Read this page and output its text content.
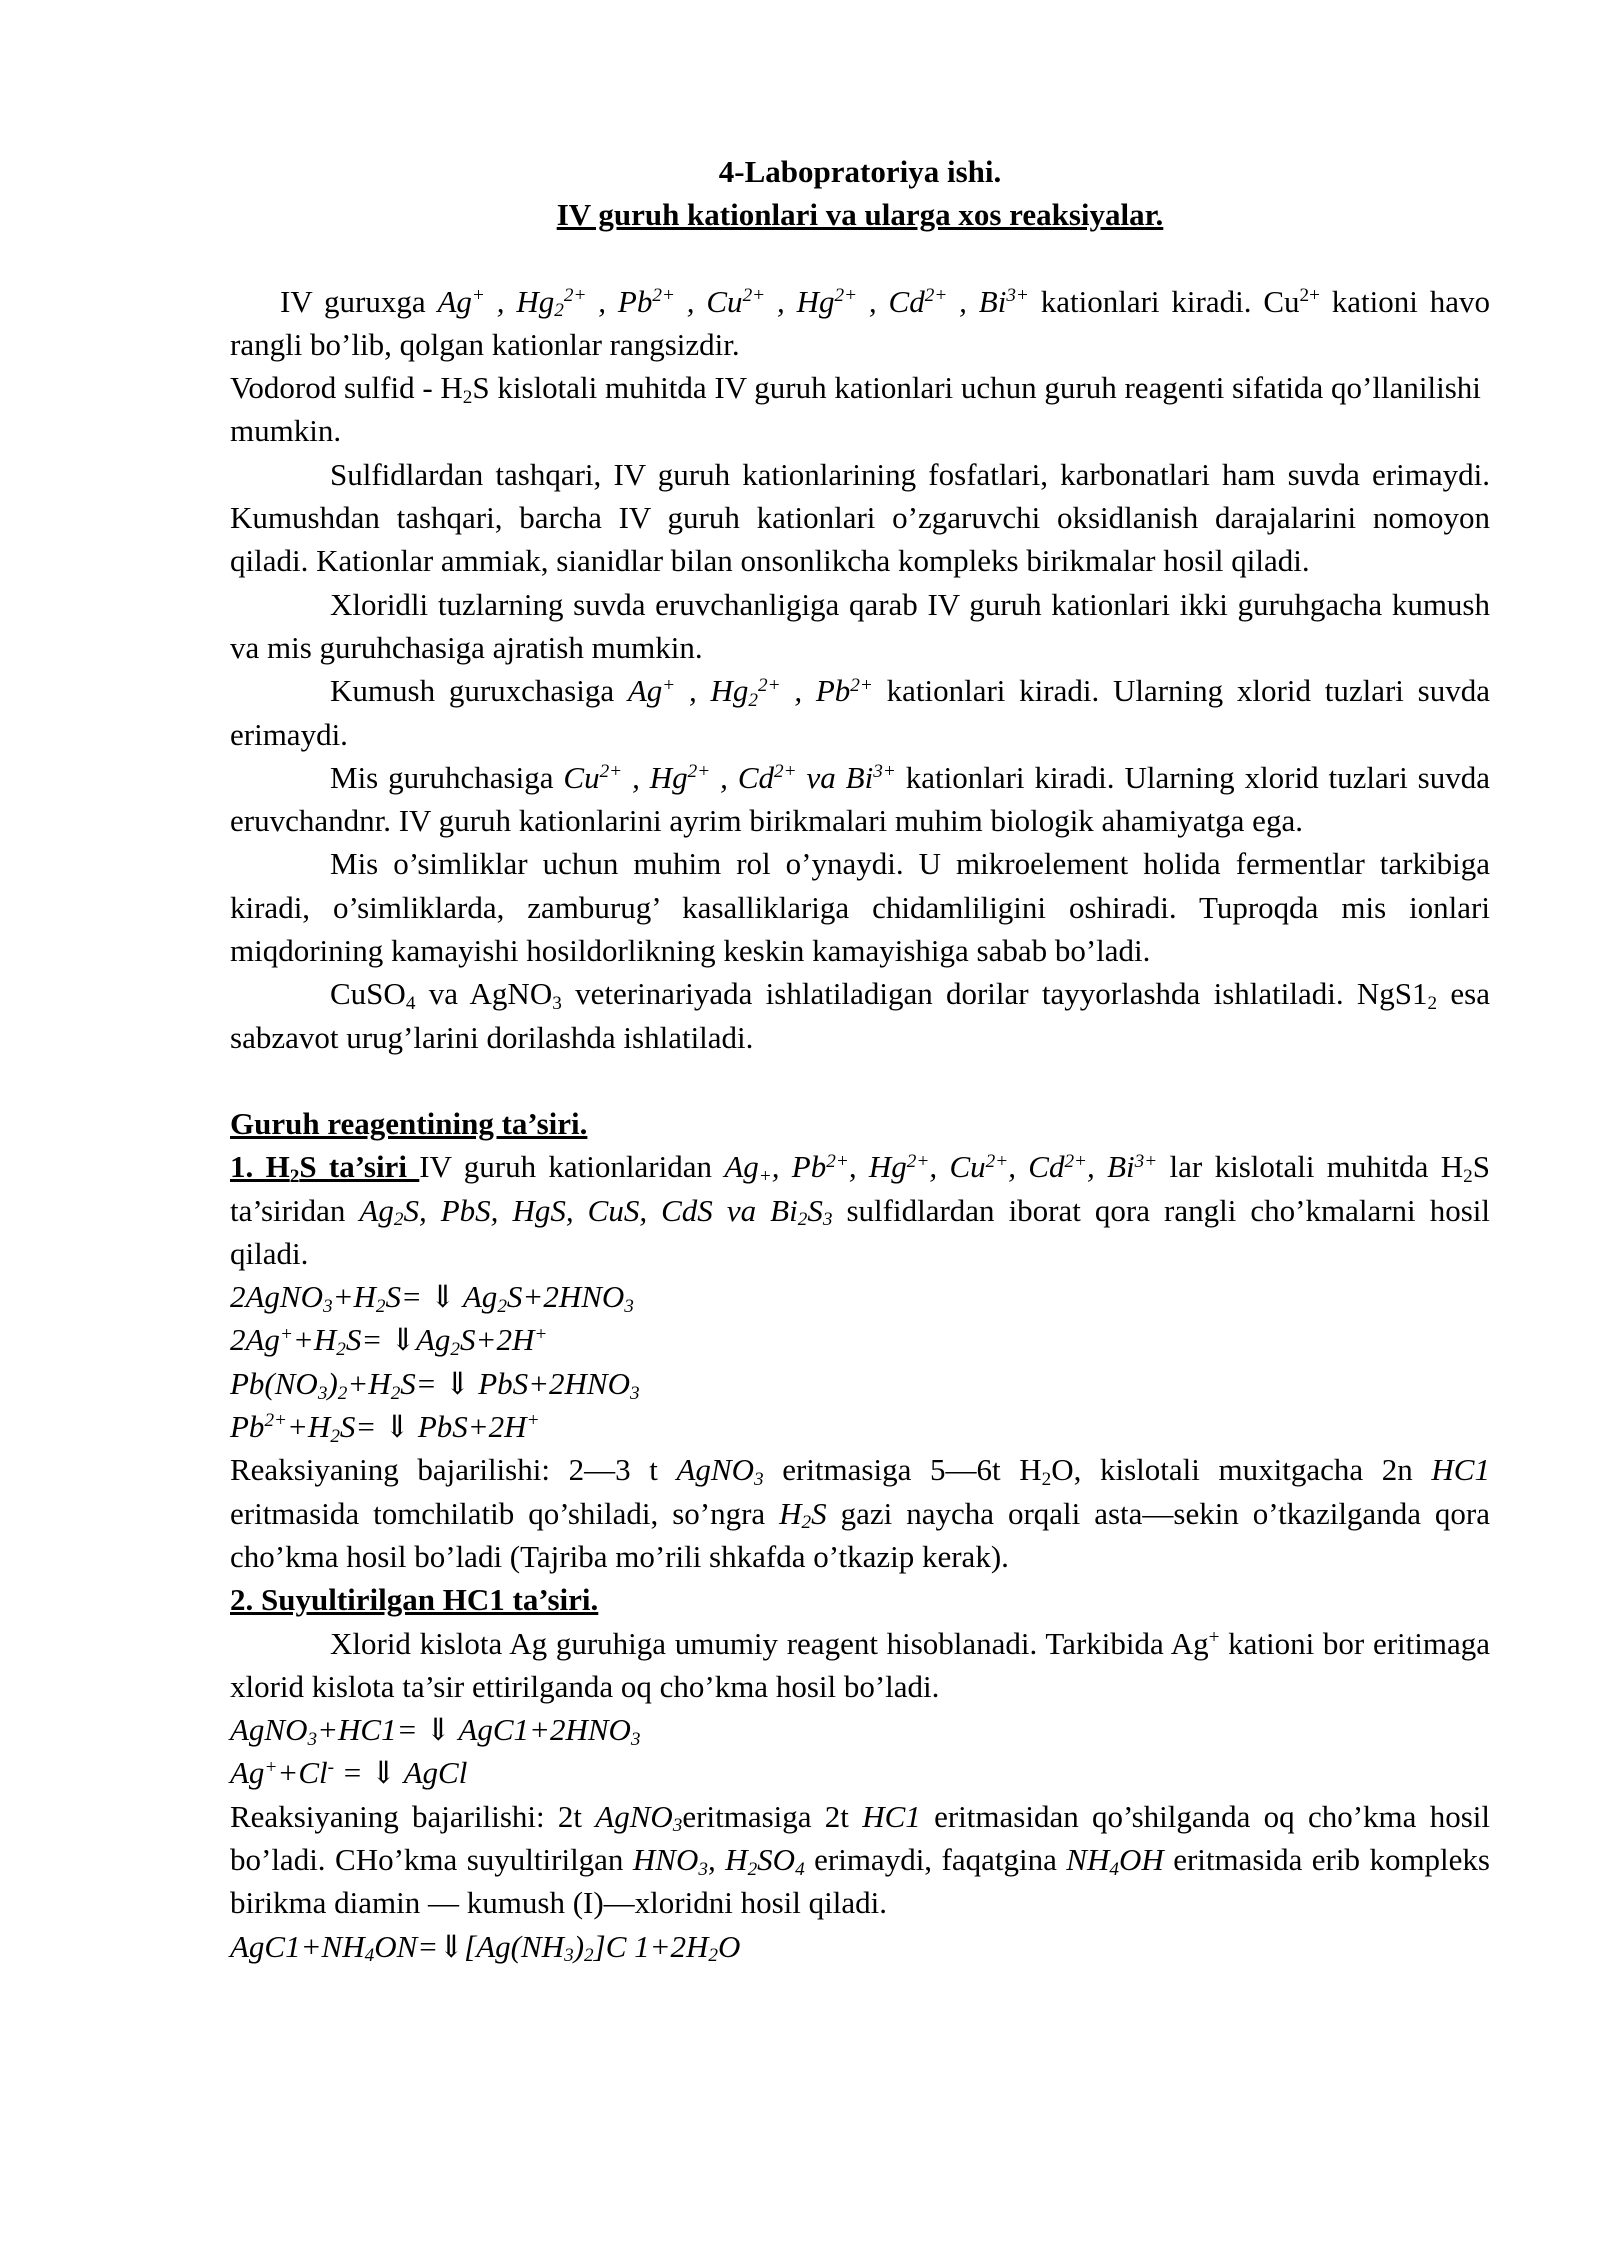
4-Labopratoriya ishi.

IV guruh kationlari va ularga xos reaksiyalar.

IV guruxga Ag+ , $Hg_2^{2+}$ , $Pb^{2+}$ , $Cu^{2+}$ , $Hg^{2+}$ , $Cd^{2+}$ , $Bi^{3+}$ kationlari kiradi. $Cu^{2+}$ kationi havo rangli bo’lib, qolgan kationlar rangsizdir.

Vodorod sulfid - $H_2S$ kislotali muhitda IV guruh kationlari uchun guruh reagenti sifatida qo’llanilishi mumkin.

Sulfidlardan tashqari, IV guruh kationlarining fosfatlari, karbonatlari ham suvda erimaydi. Kumushdan tashqari, barcha IV guruh kationlari o’zgaruvchi oksidlanish darajalarini nomoyon qiladi. Kationlar ammiak, sianidlar bilan onsonlikcha kompleks birikmalar hosil qiladi.

Xloridli tuzlarning suvda eruvchanligiga qarab IV guruh kationlari ikki guruhgacha kumush va mis guruhchasiga ajratish mumkin.

Kumush guruxchasiga Ag+ , $Hg_2^{2+}$ , $Pb^{2+}$ kationlari kiradi. Ularning xlorid tuzlari suvda erimaydi.

Mis guruhchasiga $Cu^{2+}$ , $Hg^{2+}$ , $Cd^{2+}$ va $Bi^{3+}$ kationlari kiradi. Ularning xlorid tuzlari suvda eruvchandnr. IV guruh kationlarini ayrim birikmalari muhim biologik ahamiyatga ega.

Mis o’simliklar uchun muhim rol o’ynaydi. U mikroelement holida fermentlar tarkibiga kiradi, o’simliklarda, zamburug’ kasalliklariga chidamliligini oshiradi. Tuproqda mis ionlari miqdorining kamayishi hosildorlikning keskin kamayishiga sabab bo’ladi.

CuSO$_4$ va AgNO$_3$ veterinariyada ishlatiladigan dorilar tayyorlashda ishlatiladi. $NgS1_2$ esa sabzavot urug’larini dorilashda ishlatiladi.

Guruh reagentining ta’siri.

1. $H_2S$ ta’siri IV guruh kationlaridan $Ag_+$, $Pb^{2+}$, $Hg^{2+}$, $Cu^{2+}$, $Cd^{2+}$, $Bi^{3+}$ lar kislotali muhitda $H_2S$ ta’siridan $Ag_2S$, PbS, HgS, CuS, CdS va $Bi_2S_3$ sulfidlardan iborat qora rangli cho’kmalarni hosil qiladi.

$2AgNO_3+H_2S=$ ⇓ $Ag_2S+2HNO_3$

$2Ag^++H_2S=$ $⇓Ag_2S+2H^+$

$Pb(NO_3)_2+H_2S=$ ⇓ $PbS+2HNO_3$

$Pb^{2+}+H_2S=$ ⇓ PbS+2H+

Reaksiyaning bajarilishi: 2—3 t AgNO$_3$ eritmasiga 5—6t $H_2O$, kislotali muxitgacha 2n HC1 eritmasida tomchilatib qo’shiladi, so’ngra $H_2S$ gazi naycha orqali asta—sekin o’tkazilganda qora cho’kma hosil bo’ladi (Tajriba mo’rili shkafda o’tkazip kerak).

2. Suyultirilgan HC1 ta’siri.

Xlorid kislota Ag guruhiga umumiy reagent hisoblanadi. Tarkibida Ag+ kationi bor eritimaga xlorid kislota ta’sir ettirilganda oq cho’kma hosil bo’ladi.

AgNO$_3$+HC1= ⇓ $AgC1+2HNO_3$

Ag++Cl- = ⇓ AgCl

Reaksiyaning bajarilishi: 2t AgNO$_3$eritmasiga 2t HC1 eritmasidan qo’shilganda oq cho’kma hosil bo’ladi. CHo’kma suyultirilgan $HNO_3$, $H_2SO_4$ erimaydi, faqatgina $NH_4OH$ eritmasida erib kompleks birikma diamin — kumush (I)—xloridni hosil qiladi.

$AgC1+NH_4ON=⇓[Ag(NH_3)_2]C$ $1+2H_2O$
